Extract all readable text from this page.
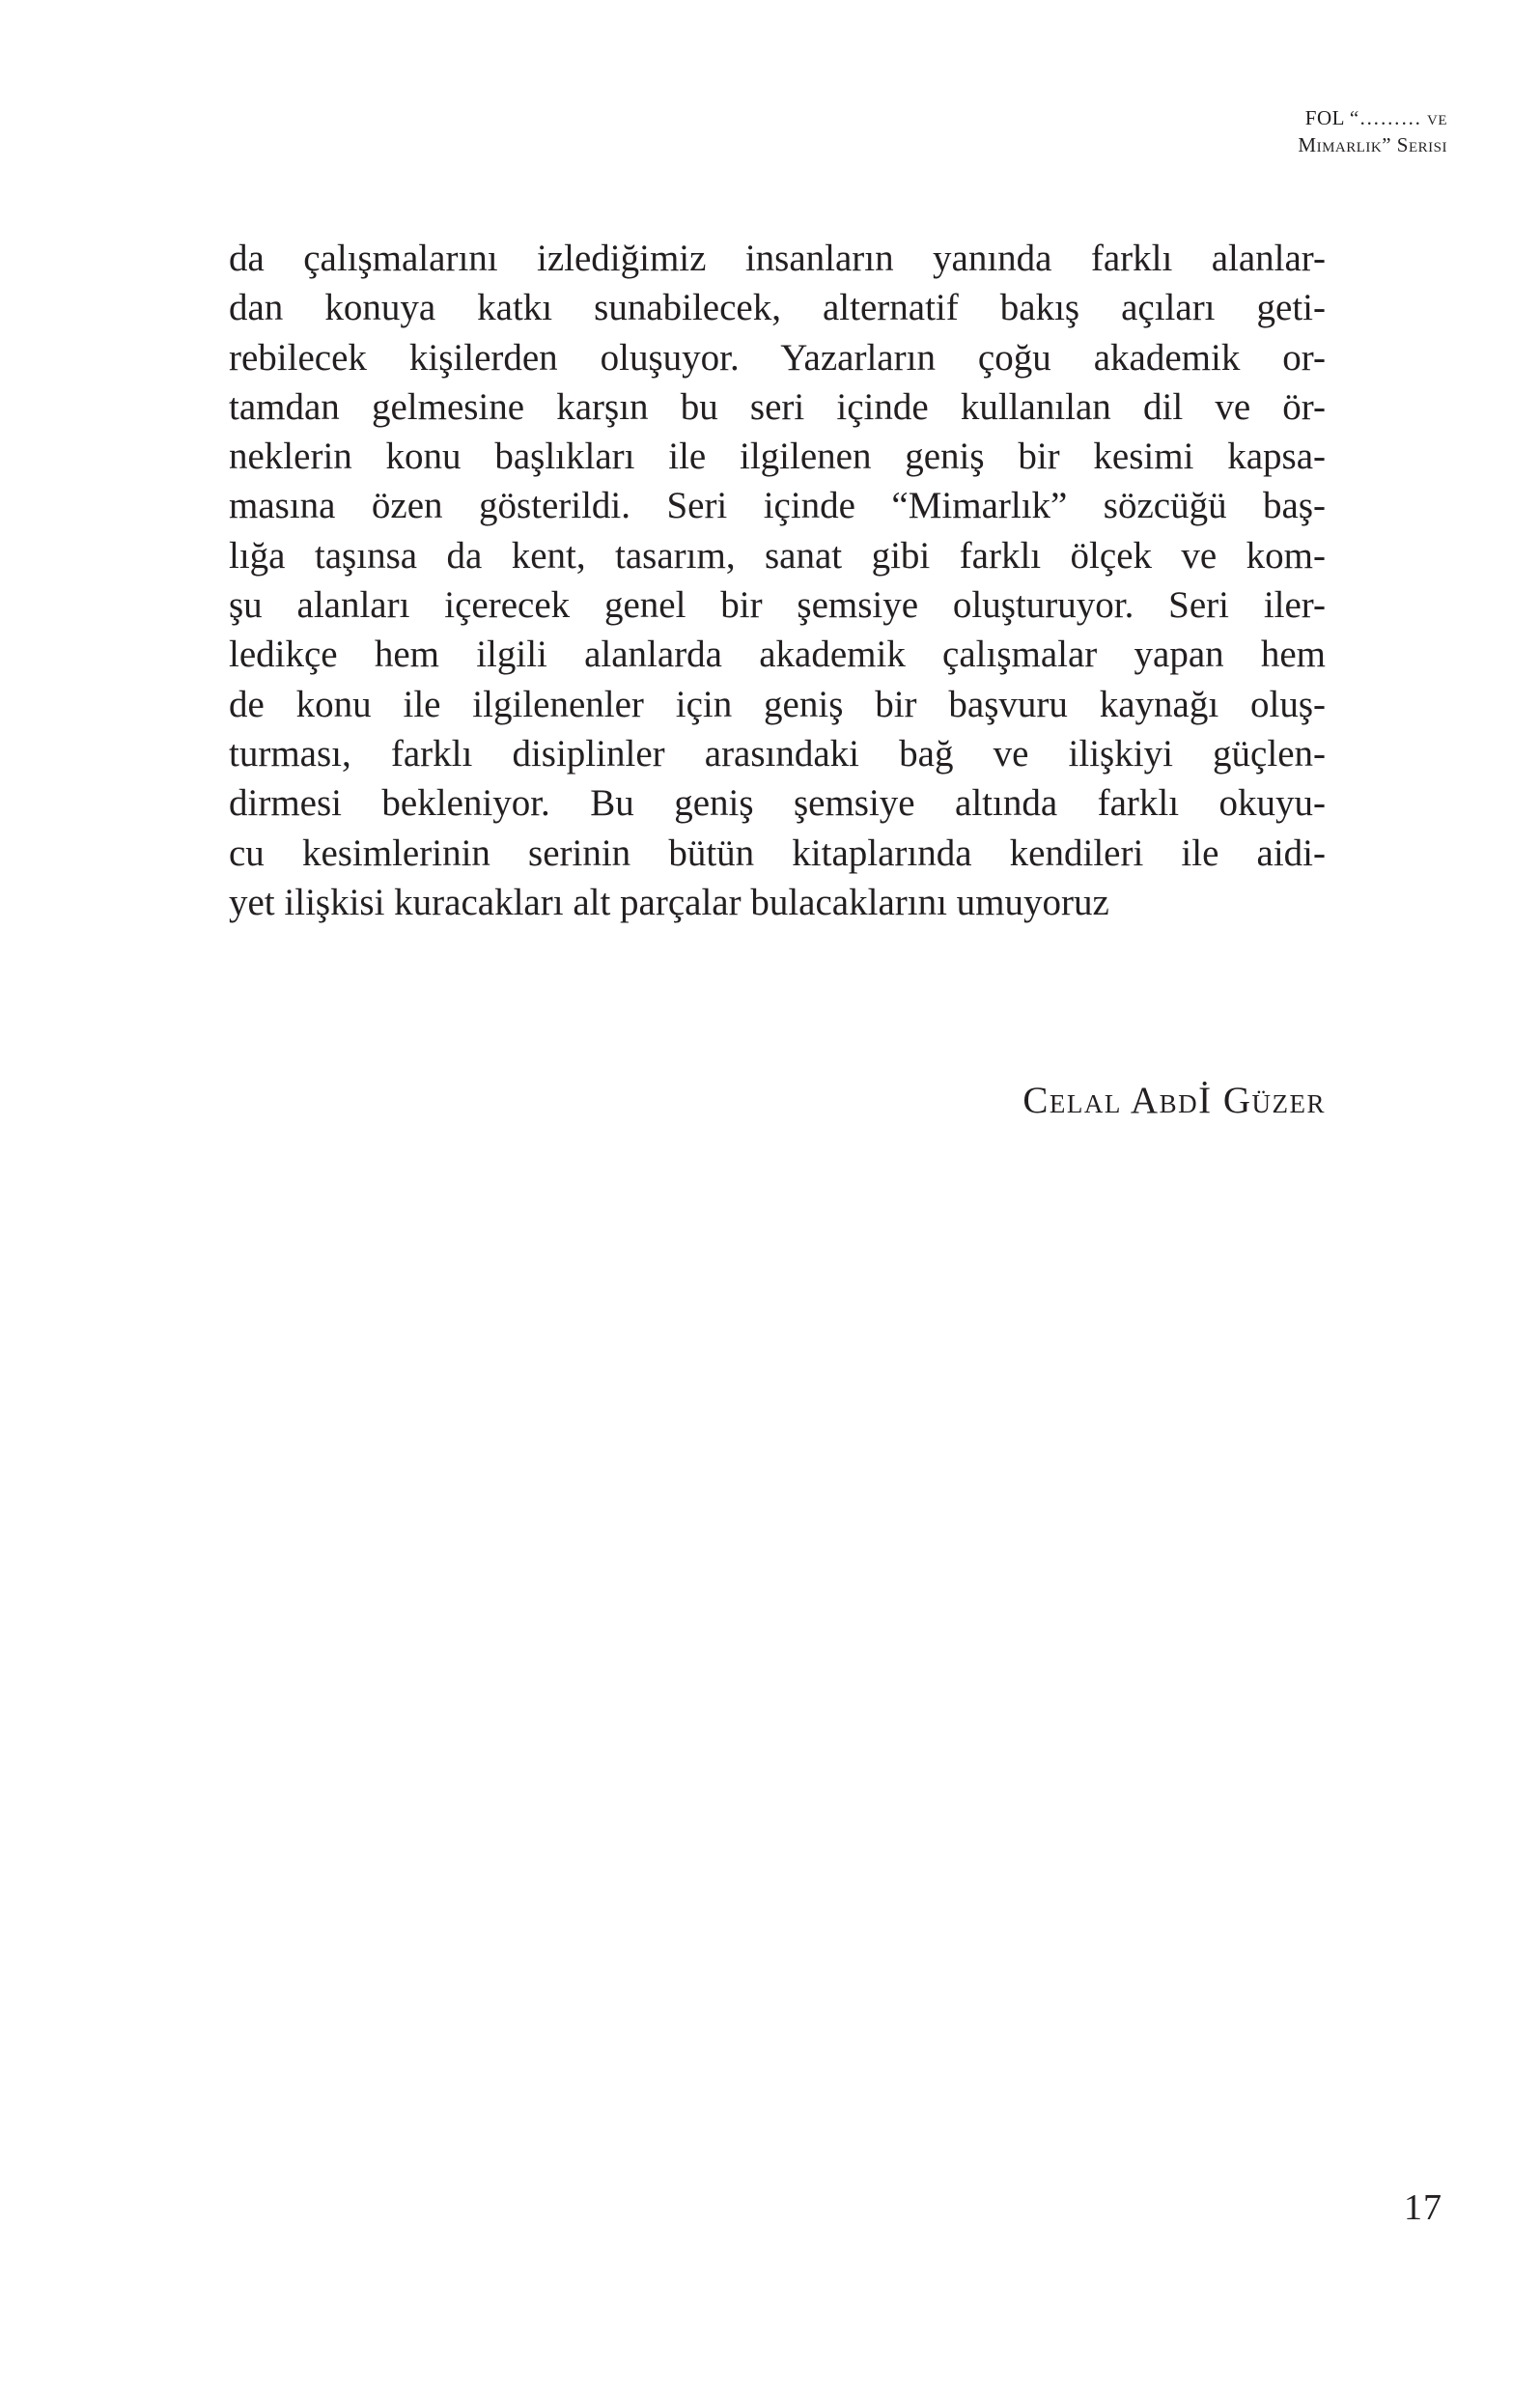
FOL “……… ve
Mimarlık” Serisi
da çalışmalarını izlediğimiz insanların yanında farklı alanlar-
dan konuya katkı sunabilecek, alternatif bakış açıları geti-
rebilecek kişilerden oluşuyor. Yazarların çoğu akademik or-
tamdan gelmesine karşın bu seri içinde kullanılan dil ve ör-
neklerin konu başlıkları ile ilgilenen geniş bir kesimi kapsa-
masına özen gösterildi. Seri içinde “Mimarlık” sözcüğü baş-
lığa taşınsa da kent, tasarım, sanat gibi farklı ölçek ve kom-
şu alanları içerecek genel bir şemsiye oluşturuyor. Seri iler-
ledikçe hem ilgili alanlarda akademik çalışmalar yapan hem
de konu ile ilgilenenler için geniş bir başvuru kaynağı oluş-
turması, farklı disiplinler arasındaki bağ ve ilişkiyi güçlen-
dirmesi bekleniyor. Bu geniş şemsiye altında farklı okuyu-
cu kesimlerinin serinin bütün kitaplarında kendileri ile aidi-
yet ilişkisi kuracakları alt parçalar bulacaklarını umuyoruz
Celal Abdİ Güzer
17
